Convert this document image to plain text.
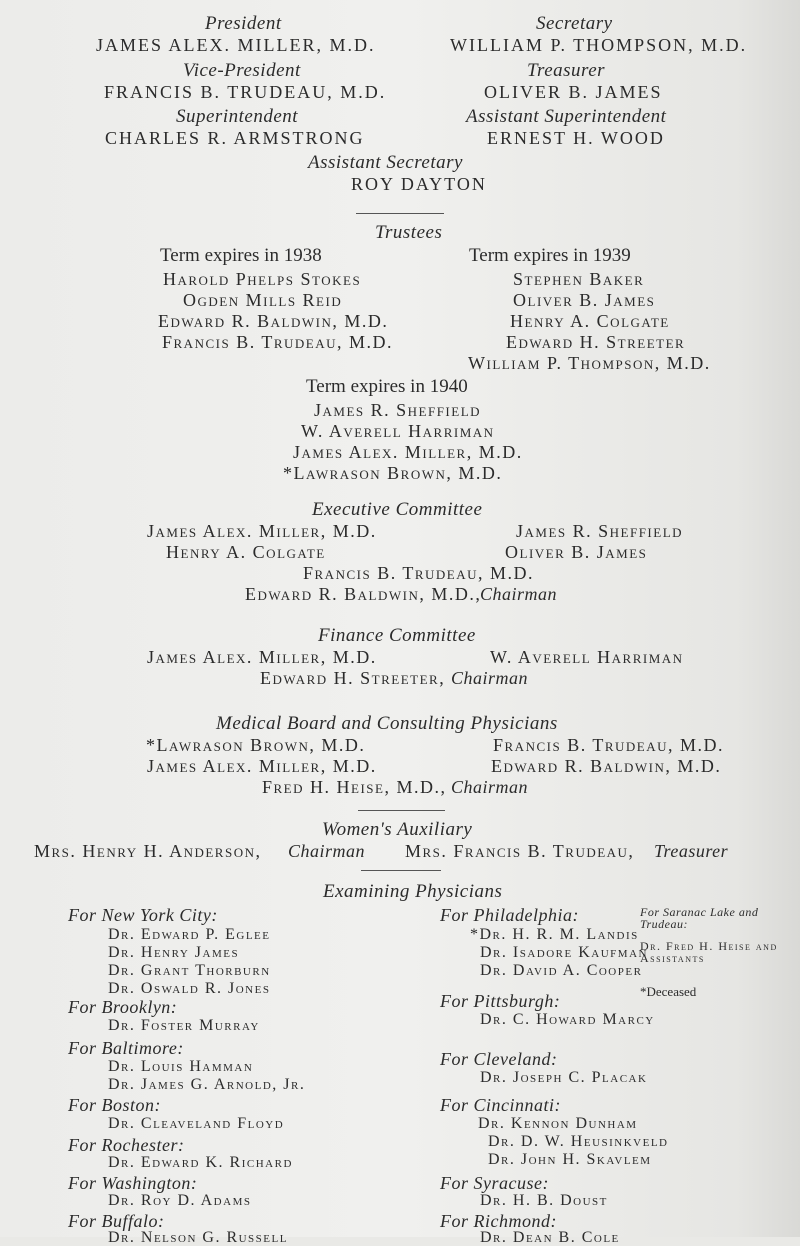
President
JAMES ALEX. MILLER, M.D.
Secretary
WILLIAM P. THOMPSON, M.D.
Vice-President
FRANCIS B. TRUDEAU, M.D.
Treasurer
OLIVER B. JAMES
Superintendent
CHARLES R. ARMSTRONG
Assistant Superintendent
ERNEST H. WOOD
Assistant Secretary
ROY DAYTON
Trustees
Term expires in 1938
Harold Phelps Stokes
Ogden Mills Reid
Edward R. Baldwin, M.D.
Francis B. Trudeau, M.D.
Term expires in 1939
Stephen Baker
Oliver B. James
Henry A. Colgate
Edward H. Streeter
William P. Thompson, M.D.
Term expires in 1940
James R. Sheffield
W. Averell Harriman
James Alex. Miller, M.D.
*Lawrason Brown, M.D.
Executive Committee
James Alex. Miller, M.D.	James R. Sheffield
Henry A. Colgate	Oliver B. James
Francis B. Trudeau, M.D.
Edward R. Baldwin, M.D.,
Chairman
Finance Committee
James Alex. Miller, M.D.	W. Averell Harriman
Edward H. Streeter, Chairman
Medical Board and Consulting Physicians
*Lawrason Brown, M.D.	Francis B. Trudeau, M.D.
James Alex. Miller, M.D.	Edward R. Baldwin, M.D.
Fred H. Heise, M.D., Chairman
Women's Auxiliary
Mrs. Henry H. Anderson, Chairman Mrs. Francis B. Trudeau, Treasurer
Examining Physicians
For New York City:
Dr. Edward P. Eglee
Dr. Henry James
Dr. Grant Thorburn
Dr. Oswald R. Jones
For Brooklyn:
Dr. Foster Murray
For Baltimore:
Dr. Louis Hamman
Dr. James G. Arnold, Jr.
For Boston:
Dr. Cleaveland Floyd
For Rochester:
Dr. Edward K. Richard
For Washington:
Dr. Roy D. Adams
For Philadelphia:
*Dr. H. R. M. Landis
Dr. Isadore Kaufman
Dr. David A. Cooper
For Pittsburgh:
Dr. C. Howard Marcy
For Cleveland:
Dr. Joseph C. Placak
For Cincinnati:
Dr. Kennon Dunham
Dr. D. W. Heusinkveld
Dr. John H. Skavlem
For Syracuse:
Dr. H. B. Doust
For Richmond:
Dr. Dean B. Cole
For Saranac Lake and Trudeau:
Dr. Fred H. Heise and Assistants
*Deceased
For Buffalo:
Dr. Nelson G. Russell
